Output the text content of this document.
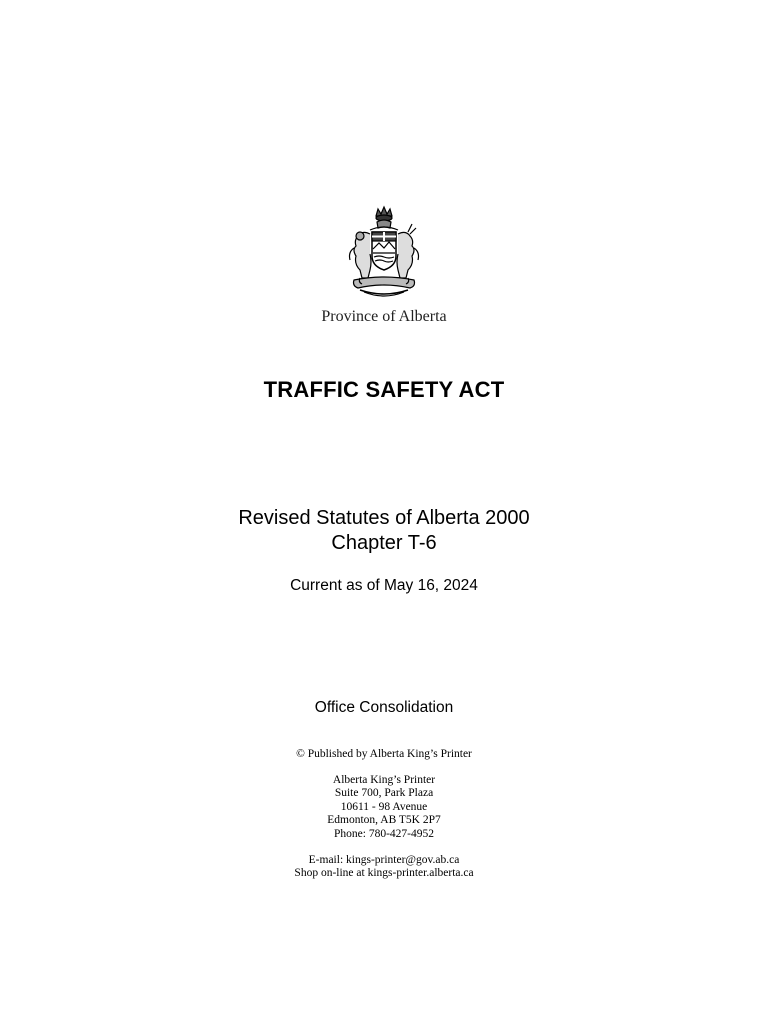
Province of Alberta
TRAFFIC SAFETY ACT
Revised Statutes of Alberta 2000
Chapter T-6
Current as of May 16, 2024
Office Consolidation
© Published by Alberta King’s Printer
Alberta King’s Printer
Suite 700, Park Plaza
10611 - 98 Avenue
Edmonton, AB T5K 2P7
Phone: 780-427-4952
E-mail: kings-printer@gov.ab.ca
Shop on-line at kings-printer.alberta.ca
